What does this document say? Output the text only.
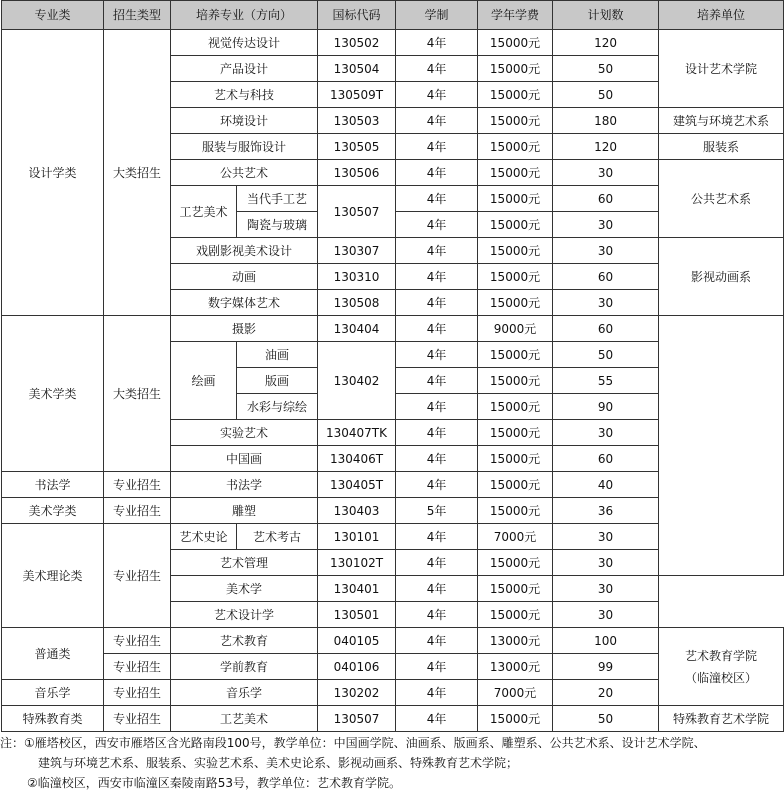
专业类	招生类型	培养专业（方向）		国标代码	学制	学年学费	计划数	培养单位
设计学类	大类招生	视觉传达设计		130502	4年	15000元	120	设计艺术学院
		产品设计		130504	4年	15000元	50	
		艺术与科技		130509T	4年	15000元	50	
		环境设计		130503	4年	15000元	180	建筑与环境艺术系
		服装与服饰设计		130505	4年	15000元	120	服装系
		公共艺术		130506	4年	15000元	30	公共艺术系
		工艺美术	当代手工艺	130507	4年	15000元	60	
			陶瓷与玻璃		4年	15000元	30	
		戏剧影视美术设计		130307	4年	15000元	30	影视动画系
		动画		130310	4年	15000元	60	
		数字媒体艺术		130508	4年	15000元	30	
美术学类	大类招生	摄影		130404	4年	9000元	60	
		绘画	油画	130402	4年	15000元	50	
			版画		4年	15000元	55	
			水彩与综绘		4年	15000元	90	
		实验艺术		130407TK	4年	15000元	30	
		中国画		130406T	4年	15000元	60	
书法学	专业招生	书法学		130405T	4年	15000元	40	
美术学类	专业招生	雕塑		130403	5年	15000元	36	
美术理论类	专业招生	艺术史论	艺术考古	130101	4年	7000元	30	
		艺术管理		130102T	4年	15000元	30	
		美术学		130401	4年	15000元	30	
		艺术设计学		130501	4年	15000元	30	
普通类	专业招生	艺术教育		040105	4年	13000元	100	艺术教育学院
（临潼校区）

	专业招生	学前教育		040106	4年	13000元	99	
音乐学	专业招生	音乐学		130202	4年	7000元	20	
特殊教育类	专业招生	工艺美术		130507	4年	15000元	50	特殊教育艺术学院
注：①雁塔校区，西安市雁塔区含光路南段100号，教学单位：中国画学院、油画系、版画系、雕塑系、公共艺术系、设计艺术学院、
建筑与环境艺术系、服装系、实验艺术系、美术史论系、影视动画系、特殊教育艺术学院；
②临潼校区，西安市临潼区秦陵南路53号，教学单位：艺术教育学院。
